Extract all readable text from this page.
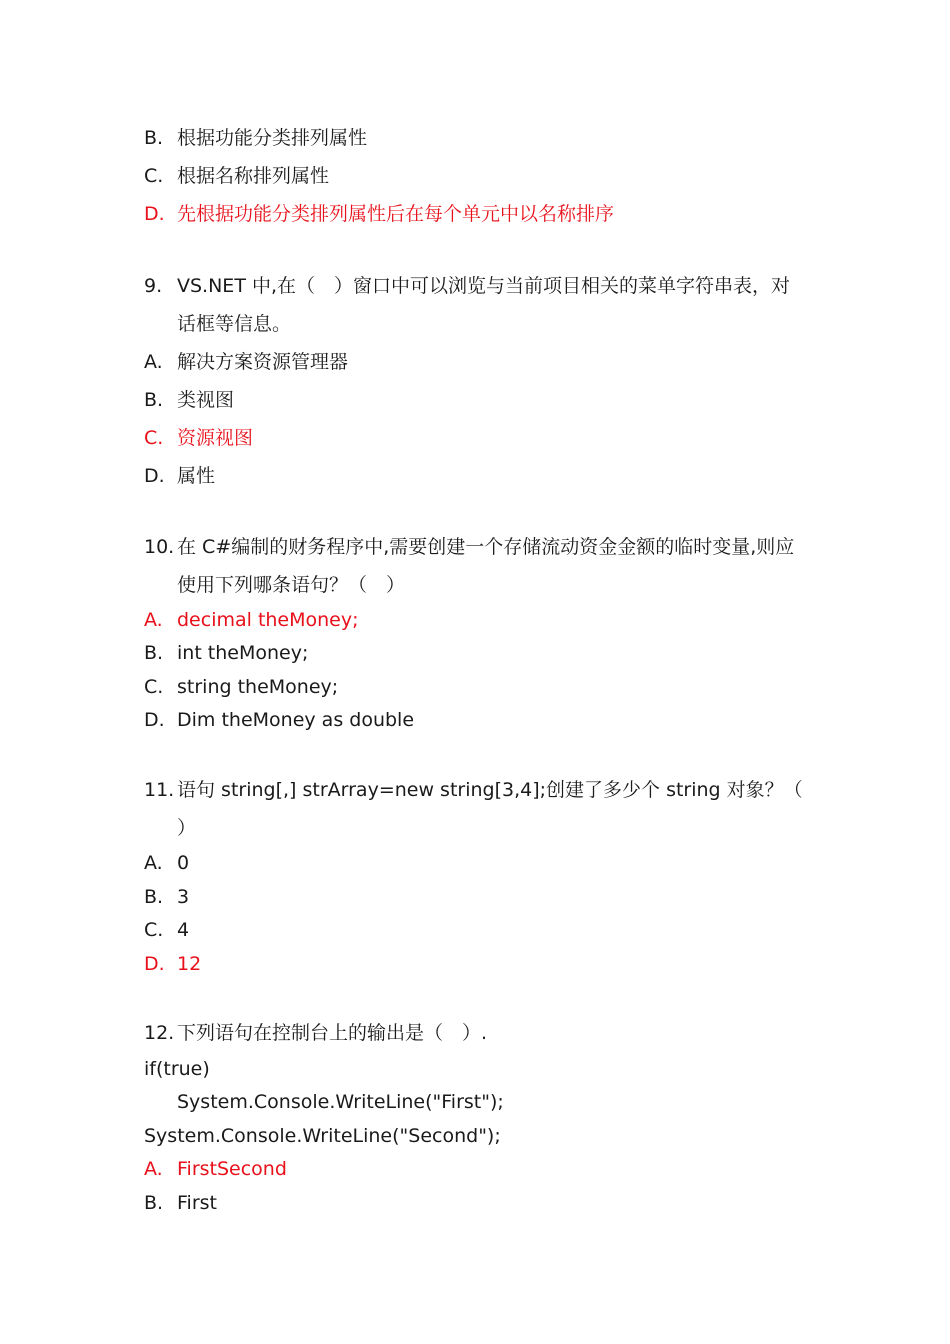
B. 根据功能分类排列属性
C. 根据名称排列属性
D. 先根据功能分类排列属性后在每个单元中以名称排序
9. VS.NET 中,在（　）窗口中可以浏览与当前项目相关的菜单字符串表，对
话框等信息。
A. 解决方案资源管理器
B. 类视图
C. 资源视图
D. 属性
10. 在 C#编制的财务程序中,需要创建一个存储流动资金金额的临时变量,则应
使用下列哪条语句？（　）
A. decimal theMoney;
B. int theMoney;
C. string theMoney;
D. Dim theMoney as double
11. 语句 string[,] strArray=new string[3,4];创建了多少个 string 对象？（
）
A. 0
B. 3
C. 4
D. 12
12. 下列语句在控制台上的输出是（　）.
if(true)
System.Console.WriteLine("First");
System.Console.WriteLine("Second");
A. FirstSecond
B. First
